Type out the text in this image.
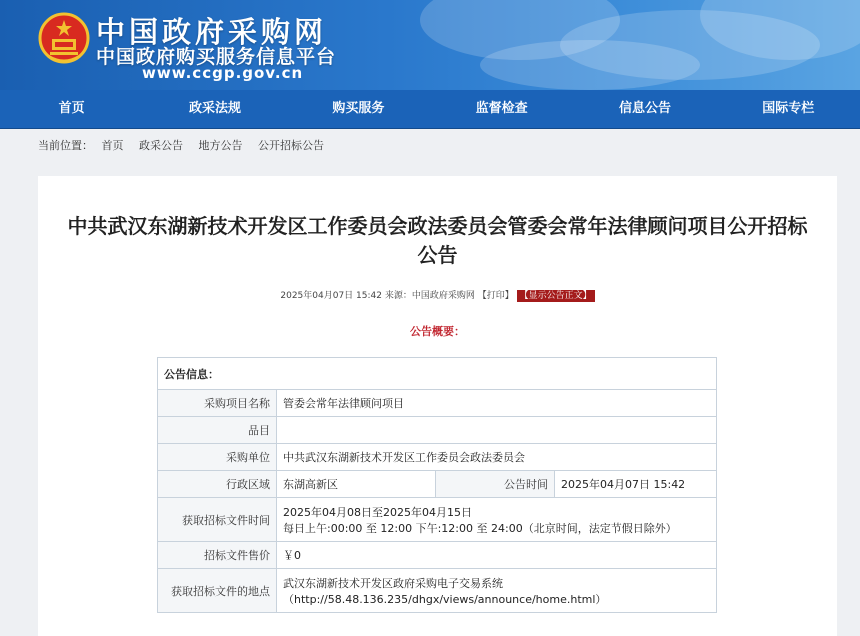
中国政府采购网
中国政府购买服务信息平台
www.ccgp.gov.cn
首页	政采法规	购买服务	监督检查	信息公告	国际专栏
当前位置： 首页 政采公告 地方公告 公开招标公告
中共武汉东湖新技术开发区工作委员会政法委员会管委会常年法律顾问项目公开招标公告
2025年04月07日 15:42 来源：中国政府采购网 【打印】 【显示公告正文】
公告概要：
公告信息：			
采购项目名称	管委会常年法律顾问项目		
品目			
采购单位	中共武汉东湖新技术开发区工作委员会政法委员会		
行政区域	东湖高新区	公告时间	2025年04月07日 15:42
获取招标文件时间	2025年04月08日至2025年04月15日
每日上午:00:00 至 12:00 下午:12:00 至 24:00（北京时间，法定节假日除外）		

招标文件售价	￥0		
获取招标文件的地点	武汉东湖新技术开发区政府采购电子交易系统
（http://58.48.136.235/dhgx/views/announce/home.html）		
